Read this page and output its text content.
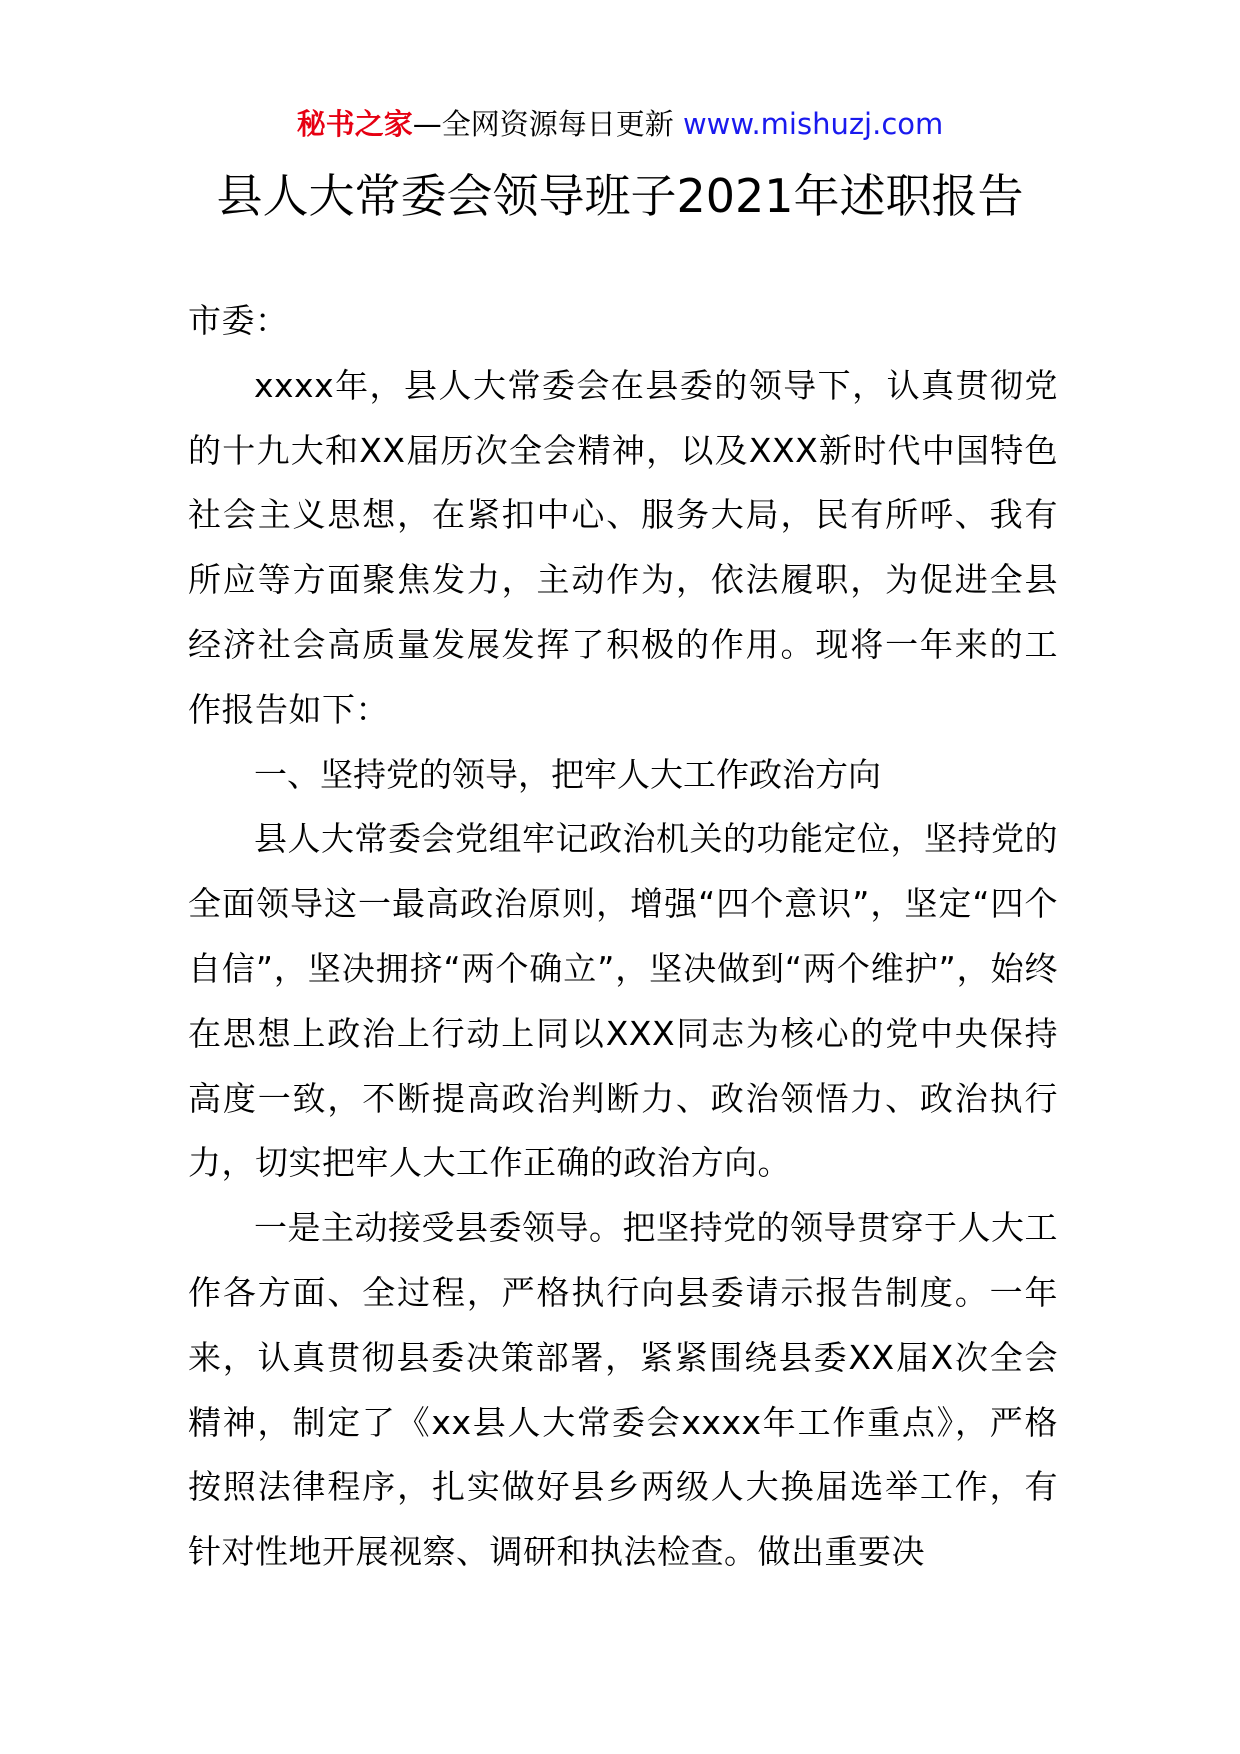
秘书之家—全网资源每日更新 www.mishuzj.com
县人大常委会领导班子2021年述职报告

市委：

xxxx年，县人大常委会在县委的领导下，认真贯彻党的十九大和XX届历次全会精神，以及XXX新时代中国特色社会主义思想，在紧扣中心、服务大局，民有所呼、我有所应等方面聚焦发力，主动作为，依法履职，为促进全县经济社会高质量发展发挥了积极的作用。现将一年来的工作报告如下：

一、坚持党的领导，把牢人大工作政治方向

县人大常委会党组牢记政治机关的功能定位，坚持党的全面领导这一最高政治原则，增强“四个意识”，坚定“四个自信”，坚决拥挤“两个确立”，坚决做到“两个维护”，始终在思想上政治上行动上同以XXX同志为核心的党中央保持高度一致，不断提高政治判断力、政治领悟力、政治执行力，切实把牢人大工作正确的政治方向。

一是主动接受县委领导。把坚持党的领导贯穿于人大工作各方面、全过程，严格执行向县委请示报告制度。一年来，认真贯彻县委决策部署，紧紧围绕县委XX届X次全会精神，制定了《xx县人大常委会xxxx年工作重点》，严格按照法律程序，扎实做好县乡两级人大换届选举工作，有针对性地开展视察、调研和执法检查。做出重要决
